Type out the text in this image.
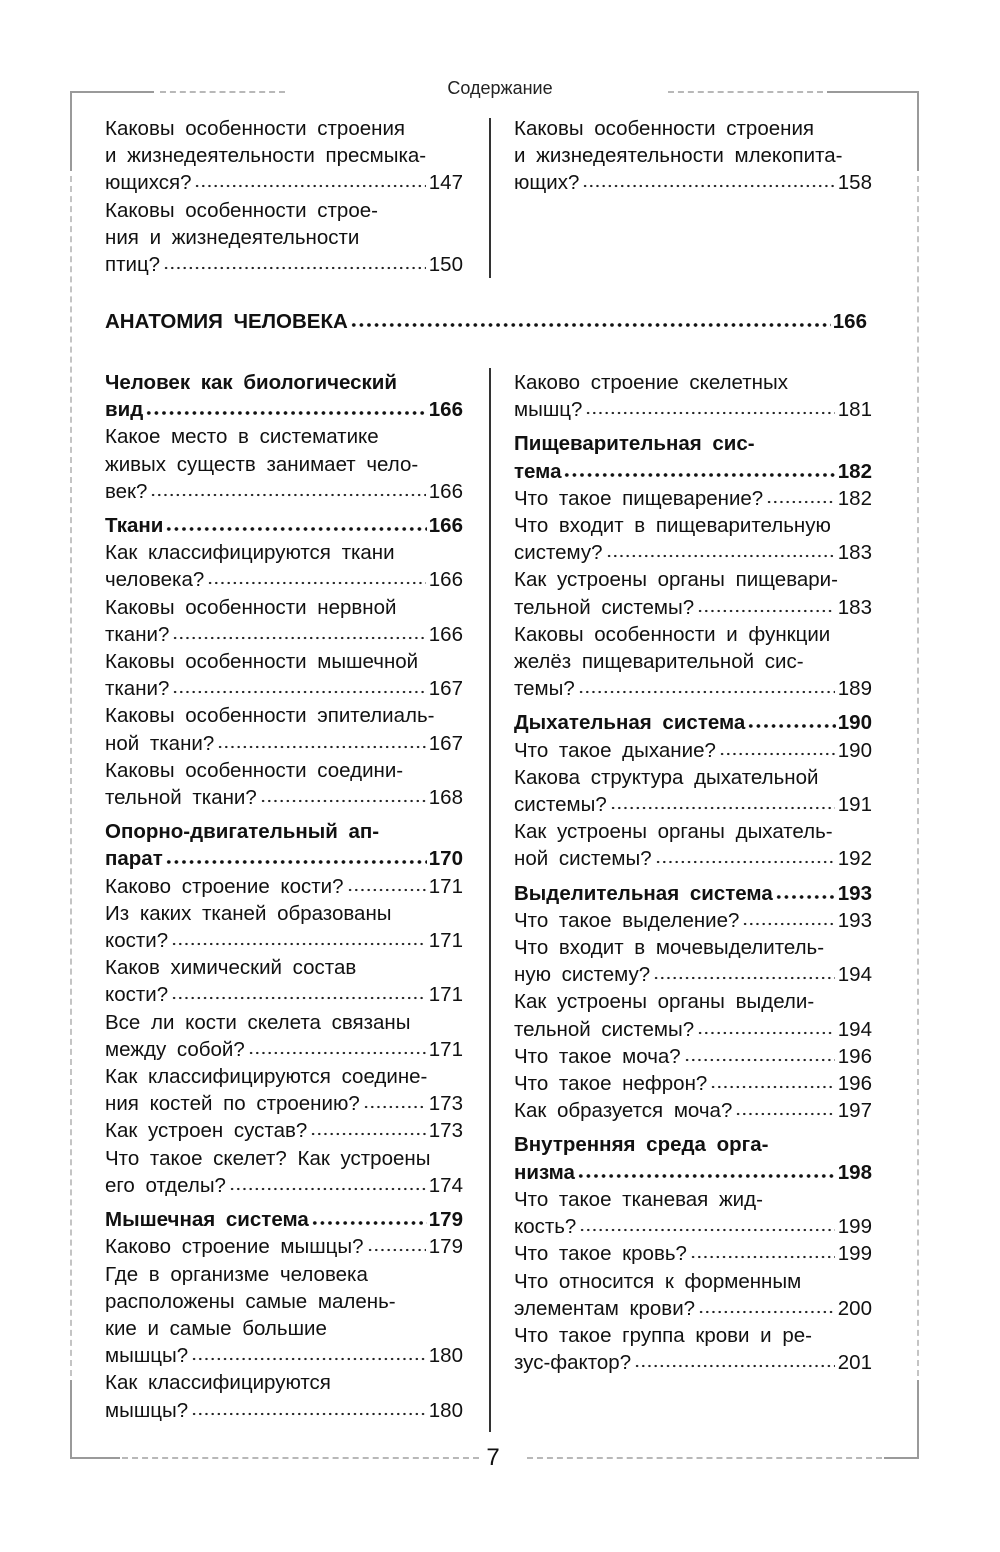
Содержание
Каковы особенности строения
и жизнедеятельности пресмыка-
ющихся?	147
Каковы особенности строе-
ния и жизнедеятельности
птиц?	150
Каковы особенности строения
и жизнедеятельности млекопита-
ющих?	158
АНАТОМИЯ ЧЕЛОВЕКА	166
Человек как биологический
вид	166
Какое место в систематике
живых существ занимает чело-
век?	166
Ткани	166
Как классифицируются ткани
человека?	166
Каковы особенности нервной
ткани?	166
Каковы особенности мышечной
ткани?	167
Каковы особенности эпителиаль-
ной ткани?	167
Каковы особенности соедини-
тельной ткани?	168
Опорно-двигательный ап-
парат	170
Каково строение кости?	171
Из каких тканей образованы
кости?	171
Каков химический состав
кости?	171
Все ли кости скелета связаны
между собой?	171
Как классифицируются соедине-
ния костей по строению?	173
Как устроен сустав?	173
Что такое скелет? Как устроены
его отделы?	174
Мышечная система	179
Каково строение мышцы?	179
Где в организме человека
расположены самые малень-
кие и самые большие
мышцы?	180
Как классифицируются
мышцы?	180
Каково строение скелетных
мышц?	181
Пищеварительная сис-
тема	182
Что такое пищеварение?	182
Что входит в пищеварительную
систему?	183
Как устроены органы пищевари-
тельной системы?	183
Каковы особенности и функции
желёз пищеварительной сис-
темы?	189
Дыхательная система	190
Что такое дыхание?	190
Какова структура дыхательной
системы?	191
Как устроены органы дыхатель-
ной системы?	192
Выделительная система	193
Что такое выделение?	193
Что входит в мочевыделитель-
ную систему?	194
Как устроены органы выдели-
тельной системы?	194
Что такое моча?	196
Что такое нефрон?	196
Как образуется моча?	197
Внутренняя среда орга-
низма	198
Что такое тканевая жид-
кость?	199
Что такое кровь?	199
Что относится к форменным
элементам крови?	200
Что такое группа крови и ре-
зус-фактор?	201
7
